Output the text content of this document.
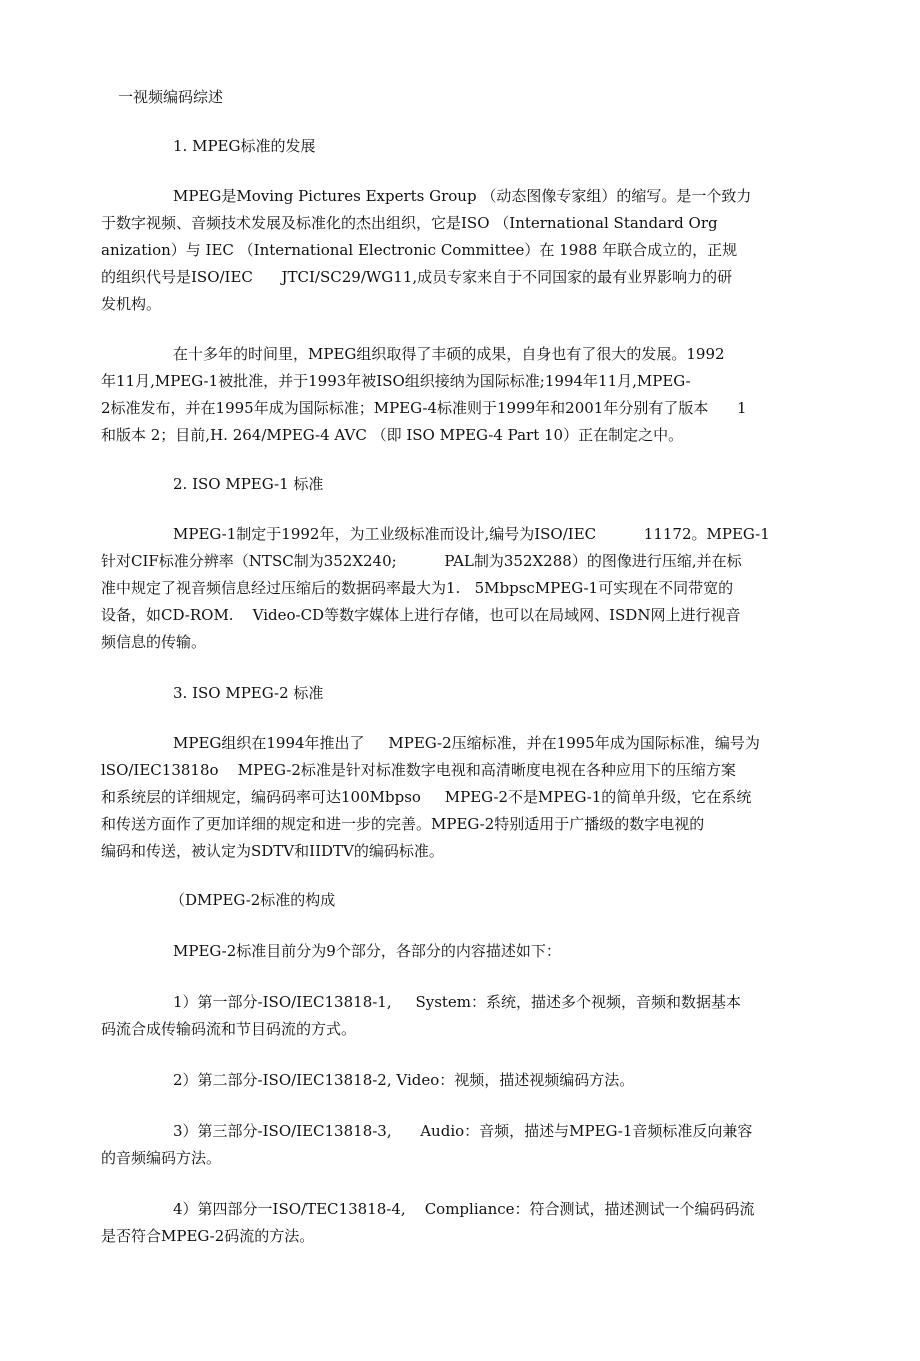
一视频编码综述
1. MPEG标准的发展
MPEG是Moving Pictures Experts Group （动态图像专家组）的缩写。是一个致力
于数字视频、音频技术发展及标准化的杰出组织，它是ISO （International Standard Org
anization）与 IEC （International Electronic Committee）在 1988 年联合成立的，正规
的组织代号是ISO/IEC      JTCI/SC29/WG11,成员专家来自于不同国家的最有业界影响力的研
发机构。
在十多年的时间里，MPEG组织取得了丰硕的成果，自身也有了很大的发展。1992
年11月,MPEG-1被批准，并于1993年被ISO组织接纳为国际标准;1994年11月,MPEG-
2标准发布，并在1995年成为国际标准；MPEG-4标准则于1999年和2001年分别有了版本      1
和版本 2；目前,H. 264/MPEG-4 AVC （即 ISO MPEG-4 Part 10）正在制定之中。
2. ISO MPEG-1 标准
MPEG-1制定于1992年，为工业级标准而设计,编号为ISO/IEC          11172。MPEG-1
针对CIF标准分辨率（NTSC制为352X240;          PAL制为352X288）的图像进行压缩,并在标
准中规定了视音频信息经过压缩后的数据码率最大为1.   5MbpscMPEG-1可实现在不同带宽的
设备，如CD-ROM.    Video-CD等数字媒体上进行存储，也可以在局域网、ISDN网上进行视音
频信息的传输。
3. ISO MPEG-2 标准
MPEG组织在1994年推出了     MPEG-2压缩标准，并在1995年成为国际标准，编号为
lSO/IEC13818o    MPEG-2标准是针对标准数字电视和高清晰度电视在各种应用下的压缩方案
和系统层的详细规定，编码码率可达100Mbpso     MPEG-2不是MPEG-1的简单升级，它在系统
和传送方面作了更加详细的规定和进一步的完善。MPEG-2特别适用于广播级的数字电视的
编码和传送，被认定为SDTV和IIDTV的编码标准。
（DMPEG-2标准的构成
MPEG-2标准目前分为9个部分，各部分的内容描述如下：
1）第一部分-ISO/IEC13818-1,     System：系统，描述多个视频，音频和数据基本
码流合成传输码流和节目码流的方式。
2）第二部分-ISO/IEC13818-2, Video：视频，描述视频编码方法。
3）第三部分-ISO/IEC13818-3,      Audio：音频，描述与MPEG-1音频标准反向兼容
的音频编码方法。
4）第四部分一ISO/TEC13818-4,    Compliance：符合测试，描述测试一个编码码流
是否符合MPEG-2码流的方法。
